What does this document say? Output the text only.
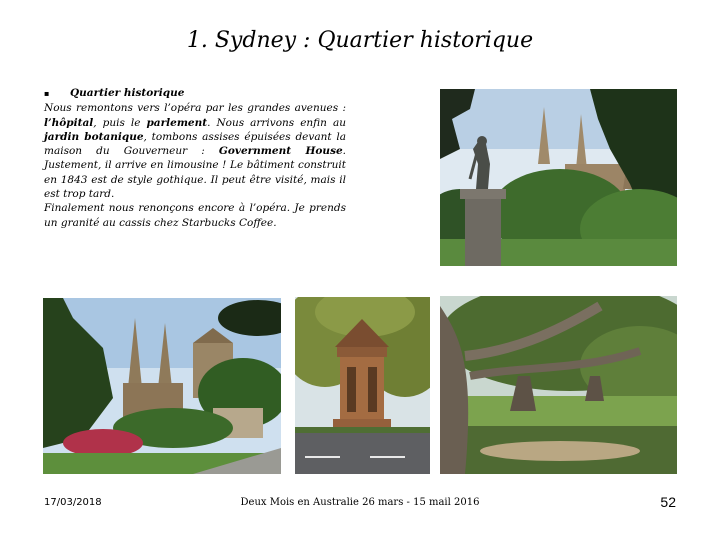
1. Sydney : Quartier historique
▪	Quartier historique

Nous remontons vers l’opéra par les grandes avenues : l’hôpital, puis le parlement. Nous arrivons enfin au jardin botanique, tombons assises épuisées devant la maison du Gouverneur : Government House. Justement, il arrive en limousine ! Le bâtiment construit en 1843 est de style gothique. Il peut être visité, mais il est trop tard.

Finalement nous renonçons encore à l’opéra. Je prends un granité au cassis chez Starbucks Coffee.

17/03/2018	Deux Mois en Australie 26 mars - 15 mail 2016	52
